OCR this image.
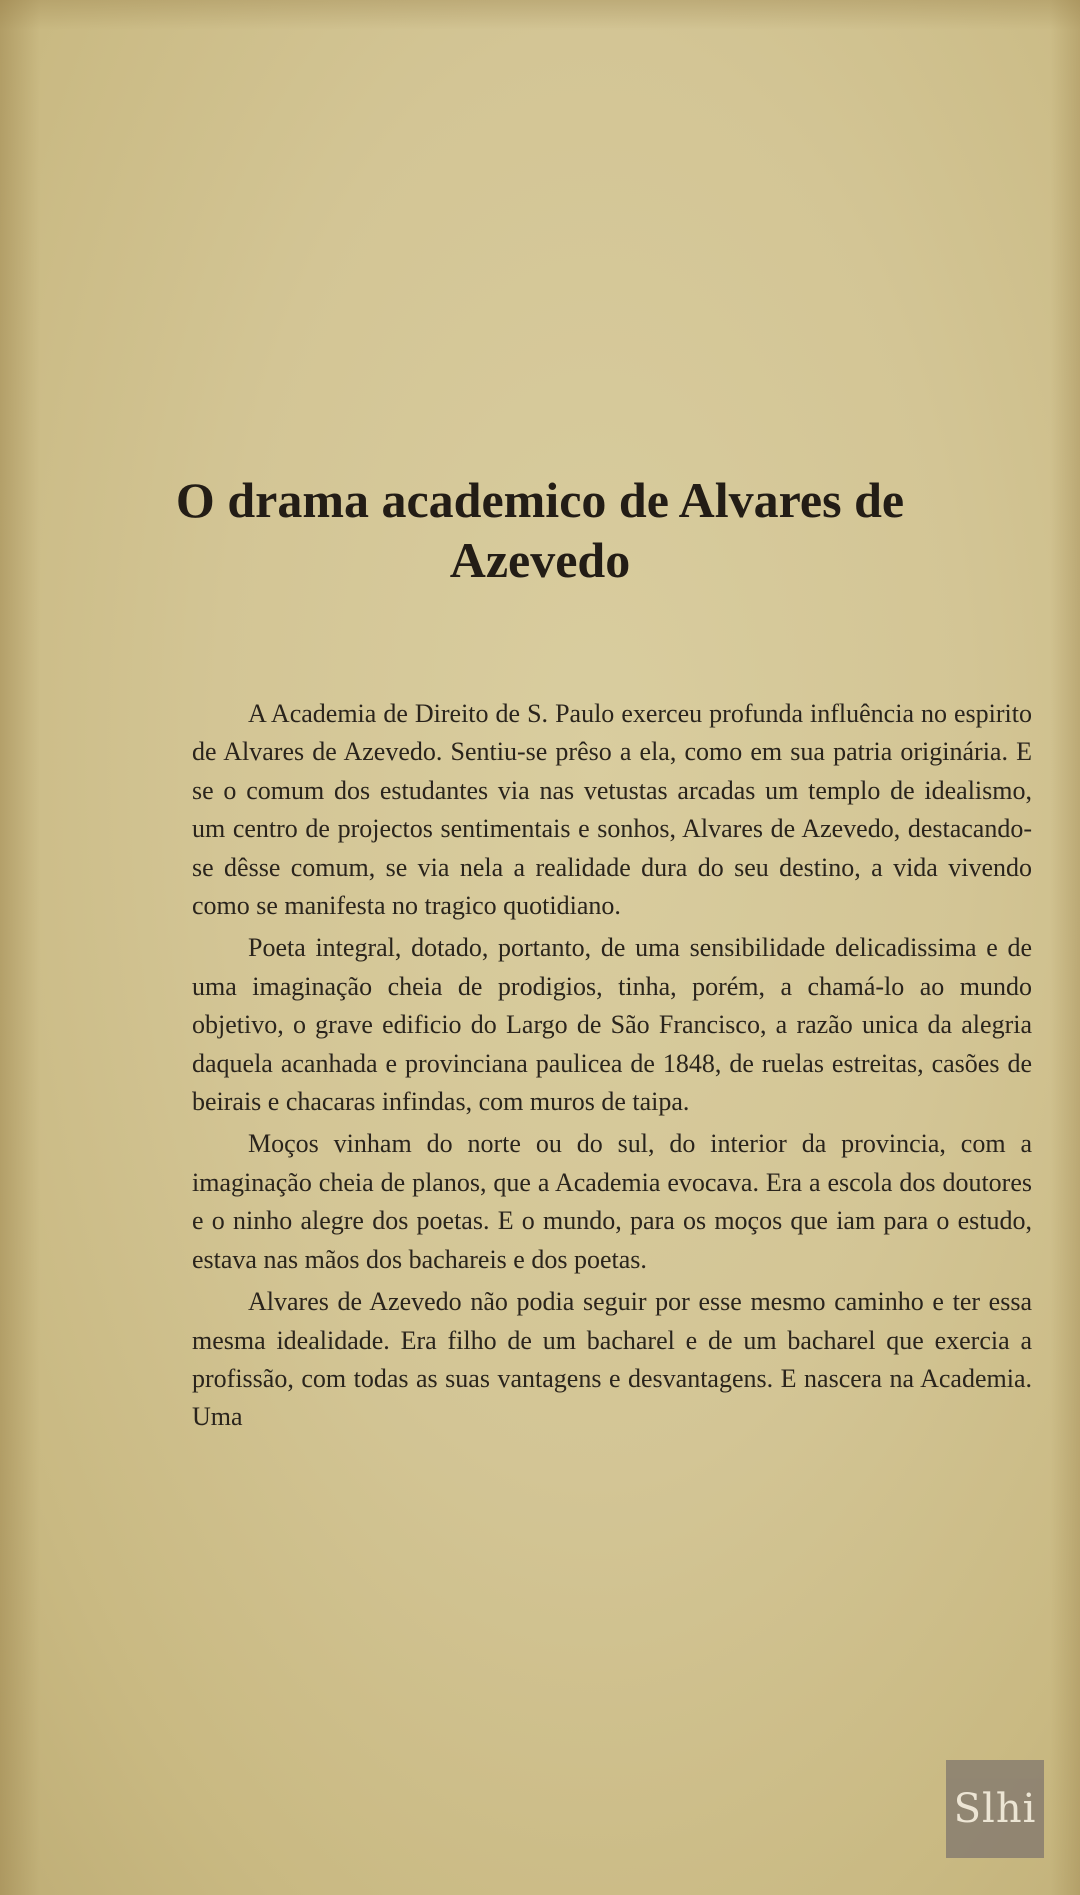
O drama academico de Alvares de Azevedo

A Academia de Direito de S. Paulo exerceu profunda influência no espirito de Alvares de Azevedo. Sentiu-se prêso a ela, como em sua patria originária. E se o comum dos estudantes via nas vetustas arcadas um templo de idealismo, um centro de projectos sentimentais e sonhos, Alvares de Azevedo, destacando-se dêsse comum, se via nela a realidade dura do seu destino, a vida vivendo como se manifesta no tragico quotidiano.

Poeta integral, dotado, portanto, de uma sensibilidade delicadissima e de uma imaginação cheia de prodigios, tinha, porém, a chamá-lo ao mundo objetivo, o grave edificio do Largo de São Francisco, a razão unica da alegria daquela acanhada e provinciana paulicea de 1848, de ruelas estreitas, casões de beirais e chacaras infindas, com muros de taipa.

Moços vinham do norte ou do sul, do interior da provincia, com a imaginação cheia de planos, que a Academia evocava. Era a escola dos doutores e o ninho alegre dos poetas. E o mundo, para os moços que iam para o estudo, estava nas mãos dos bachareis e dos poetas.

Alvares de Azevedo não podia seguir por esse mesmo caminho e ter essa mesma idealidade. Era filho de um bacharel e de um bacharel que exercia a profissão, com todas as suas vantagens e desvantagens. E nascera na Academia. Uma

Slhi
